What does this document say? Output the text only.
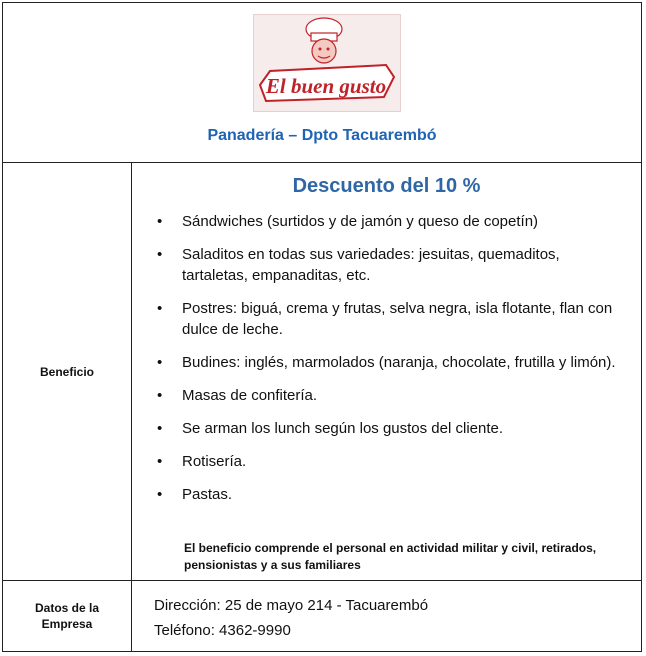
El buen gusto
Panadería – Dpto Tacuarembó
Beneficio
Descuento del 10 %
• Sándwiches (surtidos y de jamón y queso de copetín)
• Saladitos en todas sus variedades: jesuitas, quemaditos, tartaletas, empanaditas, etc.
• Postres: biguá, crema y frutas, selva negra, isla flotante, flan con dulce de leche.
• Budines: inglés, marmolados (naranja, chocolate, frutilla y limón).
• Masas de confitería.
• Se arman los lunch según los gustos del cliente.
• Rotisería.
• Pastas.
El beneficio comprende el personal en actividad militar y civil, retirados, pensionistas y a sus familiares
Datos de la
Empresa
Dirección: 25 de mayo 214 - Tacuarembó
Teléfono: 4362-9990
